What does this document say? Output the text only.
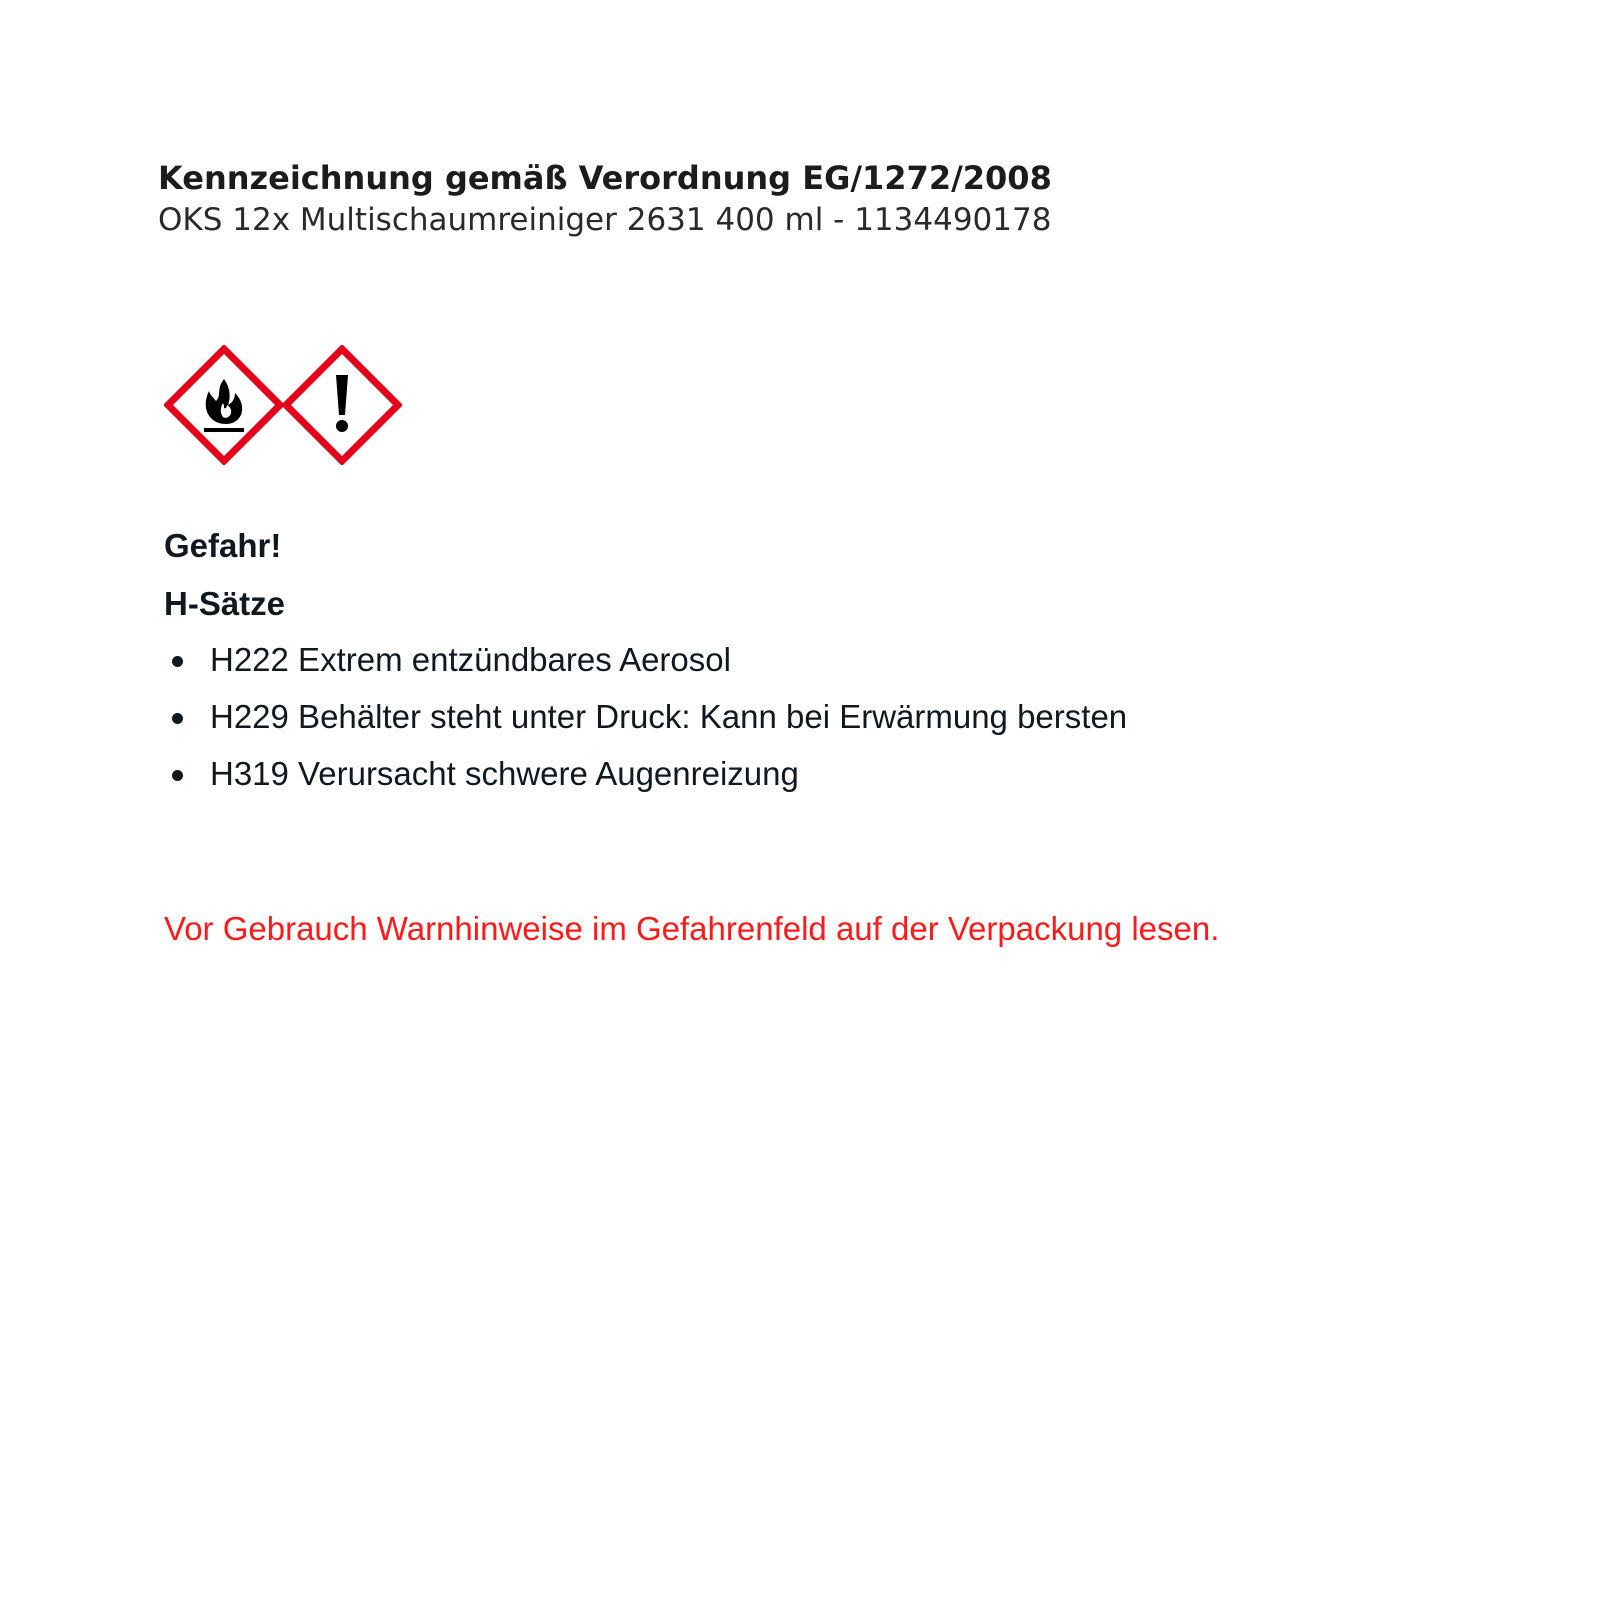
Kennzeichnung gemäß Verordnung EG/1272/2008
OKS 12x Multischaumreiniger 2631 400 ml - 1134490178
Gefahr!
H-Sätze
H222 Extrem entzündbares Aerosol
H229 Behälter steht unter Druck: Kann bei Erwärmung bersten
H319 Verursacht schwere Augenreizung
Vor Gebrauch Warnhinweise im Gefahrenfeld auf der Verpackung lesen.
